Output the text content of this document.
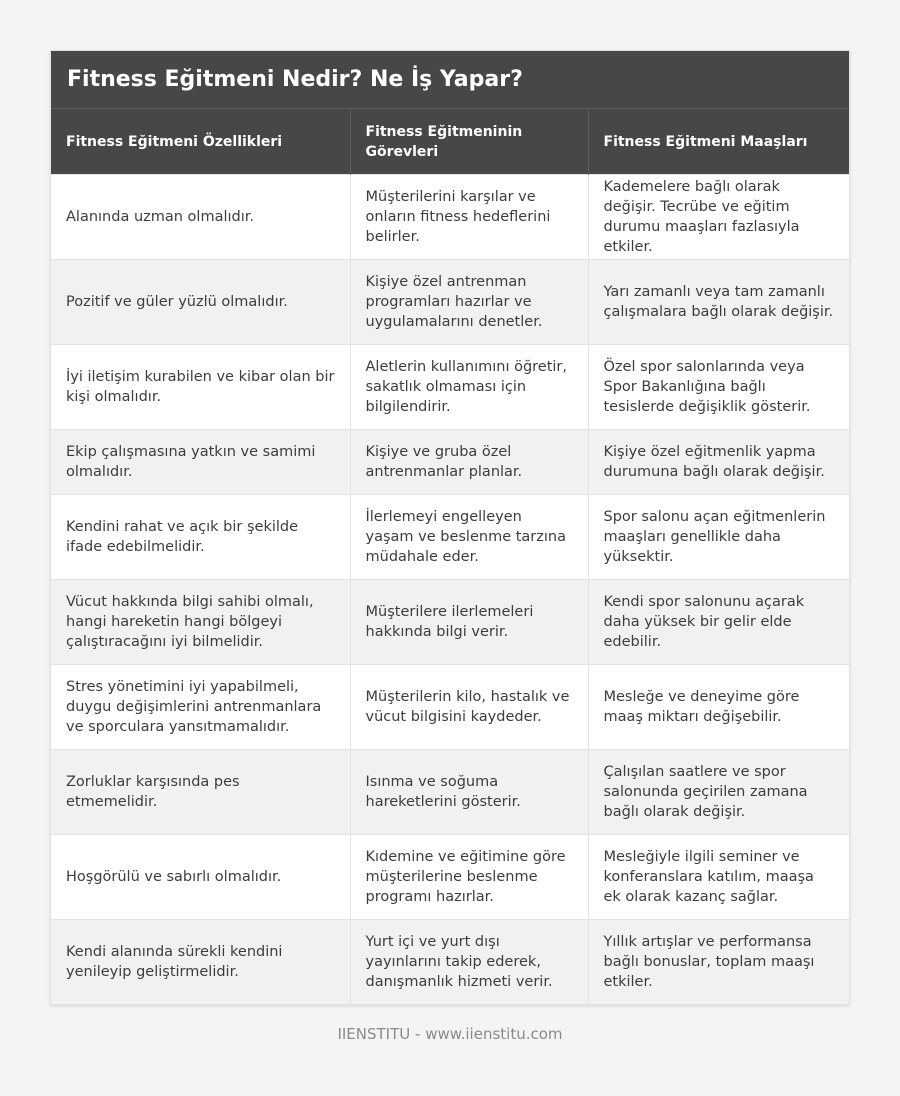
Fitness Eğitmeni Nedir? Ne İş Yapar?
Fitness Eğitmeni Özellikleri	Fitness Eğitmeninin Görevleri	Fitness Eğitmeni Maaşları
Alanında uzman olmalıdır.	Müşterilerini karşılar ve onların fitness hedeflerini belirler.	Kademelere bağlı olarak değişir. Tecrübe ve eğitim durumu maaşları fazlasıyla etkiler.
Pozitif ve güler yüzlü olmalıdır.	Kişiye özel antrenman programları hazırlar ve uygulamalarını denetler.	Yarı zamanlı veya tam zamanlı çalışmalara bağlı olarak değişir.
İyi iletişim kurabilen ve kibar olan bir kişi olmalıdır.	Aletlerin kullanımını öğretir, sakatlık olmaması için bilgilendirir.	Özel spor salonlarında veya Spor Bakanlığına bağlı tesislerde değişiklik gösterir.
Ekip çalışmasına yatkın ve samimi olmalıdır.	Kişiye ve gruba özel antrenmanlar planlar.	Kişiye özel eğitmenlik yapma durumuna bağlı olarak değişir.
Kendini rahat ve açık bir şekilde ifade edebilmelidir.	İlerlemeyi engelleyen yaşam ve beslenme tarzına müdahale eder.	Spor salonu açan eğitmenlerin maaşları genellikle daha yüksektir.
Vücut hakkında bilgi sahibi olmalı, hangi hareketin hangi bölgeyi çalıştıracağını iyi bilmelidir.	Müşterilere ilerlemeleri hakkında bilgi verir.	Kendi spor salonunu açarak daha yüksek bir gelir elde edebilir.
Stres yönetimini iyi yapabilmeli, duygu değişimlerini antrenmanlara ve sporculara yansıtmamalıdır.	Müşterilerin kilo, hastalık ve vücut bilgisini kaydeder.	Mesleğe ve deneyime göre maaş miktarı değişebilir.
Zorluklar karşısında pes etmemelidir.	Isınma ve soğuma hareketlerini gösterir.	Çalışılan saatlere ve spor salonunda geçirilen zamana bağlı olarak değişir.
Hoşgörülü ve sabırlı olmalıdır.	Kıdemine ve eğitimine göre müşterilerine beslenme programı hazırlar.	Mesleğiyle ilgili seminer ve konferanslara katılım, maaşa ek olarak kazanç sağlar.
Kendi alanında sürekli kendini yenileyip geliştirmelidir.	Yurt içi ve yurt dışı yayınlarını takip ederek, danışmanlık hizmeti verir.	Yıllık artışlar ve performansa bağlı bonuslar, toplam maaşı etkiler.
IIENSTITU - www.iienstitu.com
